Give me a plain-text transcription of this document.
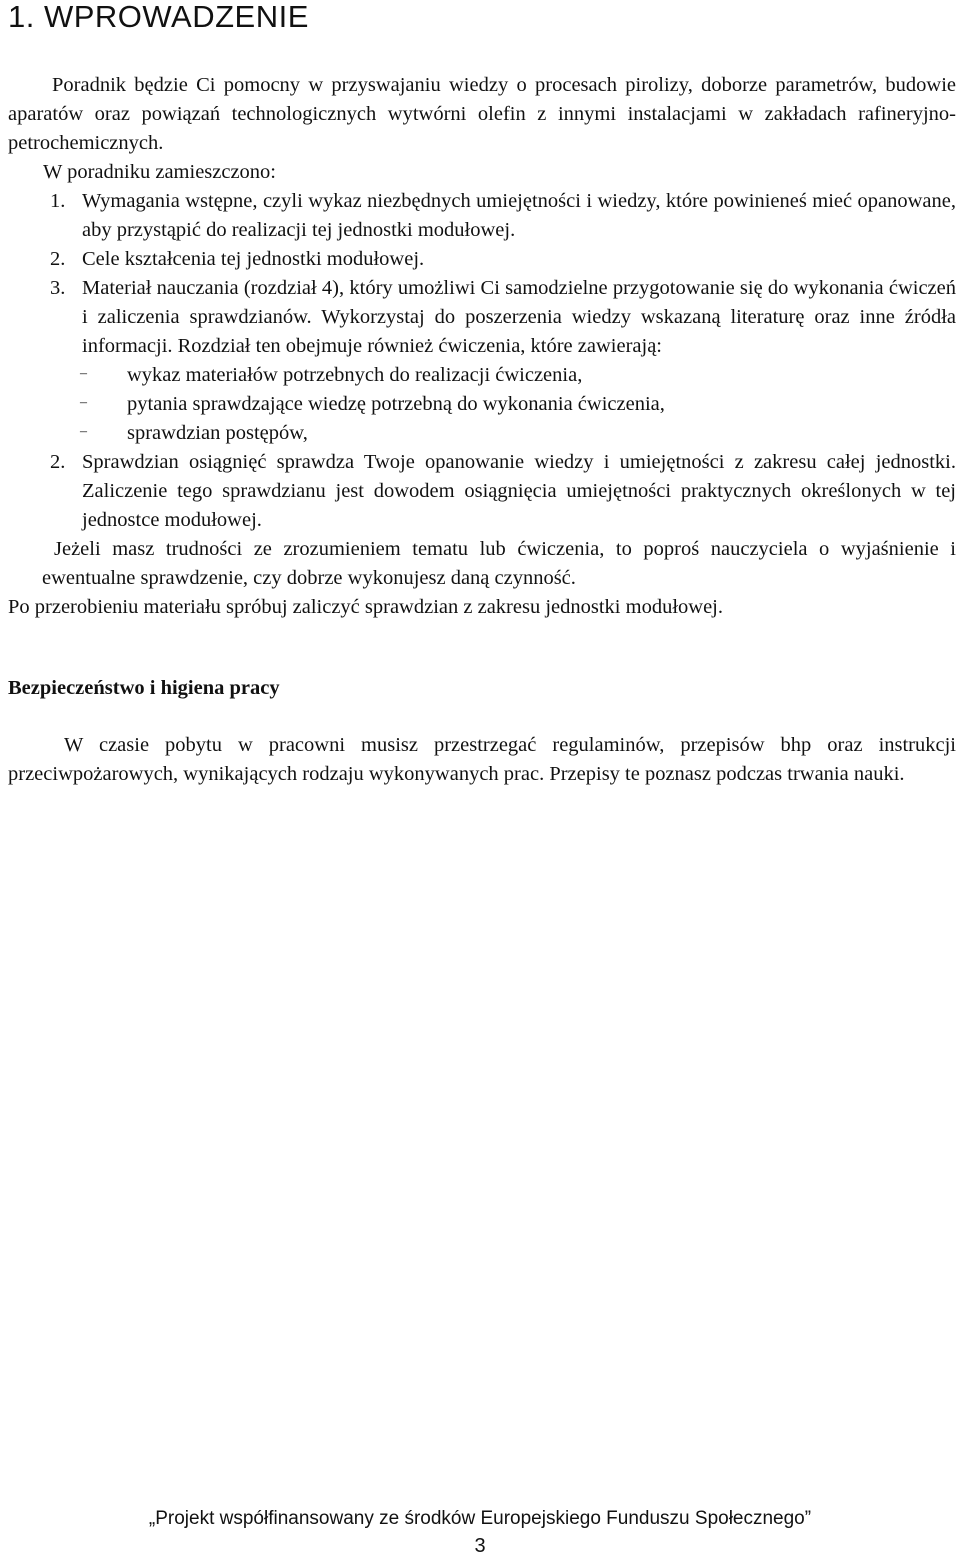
1. WPROWADZENIE

Poradnik będzie Ci pomocny w przyswajaniu wiedzy o procesach pirolizy, doborze parametrów, budowie aparatów oraz powiązań technologicznych wytwórni olefin z innymi instalacjami w zakładach rafineryjno-petrochemicznych.

W poradniku zamieszczono:

1. Wymagania wstępne, czyli wykaz niezbędnych umiejętności i wiedzy, które powinieneś mieć opanowane, aby przystąpić do realizacji tej jednostki modułowej.
2. Cele kształcenia tej jednostki modułowej.
3. Materiał nauczania (rozdział 4), który umożliwi Ci samodzielne przygotowanie się do wykonania ćwiczeń i zaliczenia sprawdzianów. Wykorzystaj do poszerzenia wiedzy wskazaną literaturę oraz inne źródła informacji. Rozdział ten obejmuje również ćwiczenia, które zawierają:
– wykaz materiałów potrzebnych do realizacji ćwiczenia,
– pytania sprawdzające wiedzę potrzebną do wykonania ćwiczenia,
– sprawdzian postępów,
2. Sprawdzian osiągnięć sprawdza Twoje opanowanie wiedzy i umiejętności z zakresu całej jednostki. Zaliczenie tego sprawdzianu jest dowodem osiągnięcia umiejętności praktycznych określonych w tej jednostce modułowej.

Jeżeli masz trudności ze zrozumieniem tematu lub ćwiczenia, to poproś nauczyciela o wyjaśnienie i ewentualne sprawdzenie, czy dobrze wykonujesz daną czynność.

Po przerobieniu materiału spróbuj zaliczyć sprawdzian z zakresu jednostki modułowej.

Bezpieczeństwo i higiena pracy

W czasie pobytu w pracowni musisz przestrzegać regulaminów, przepisów bhp oraz instrukcji przeciwpożarowych, wynikających rodzaju wykonywanych prac. Przepisy te poznasz podczas trwania nauki.

„Projekt współfinansowany ze środków Europejskiego Funduszu Społecznego”
3
